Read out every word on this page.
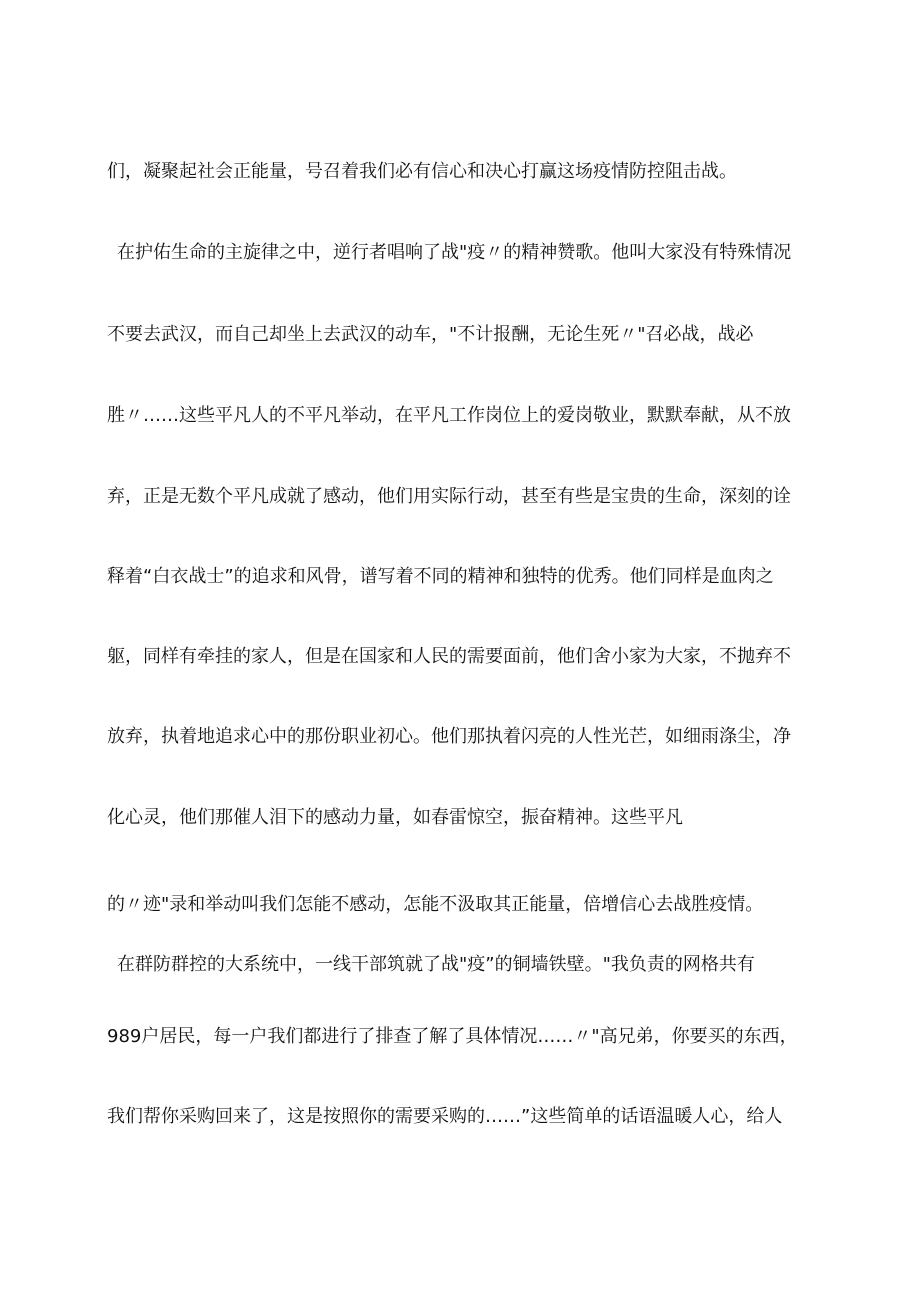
们，凝聚起社会正能量，号召着我们必有信心和决心打赢这场疫情防控阻击战。
在护佑生命的主旋律之中，逆行者唱响了战"疫〃的精神赞歌。他叫大家没有特殊情况
不要去武汉，而自己却坐上去武汉的动车，"不计报酬，无论生死〃"召必战，战必
胜〃……这些平凡人的不平凡举动，在平凡工作岗位上的爱岗敬业，默默奉献，从不放
弃，正是无数个平凡成就了感动，他们用实际行动，甚至有些是宝贵的生命，深刻的诠
释着“白衣战士”的追求和风骨，谱写着不同的精神和独特的优秀。他们同样是血肉之
躯，同样有牵挂的家人，但是在国家和人民的需要面前，他们舍小家为大家，不抛弃不
放弃，执着地追求心中的那份职业初心。他们那执着闪亮的人性光芒，如细雨涤尘，净
化心灵，他们那催人泪下的感动力量，如春雷惊空，振奋精神。这些平凡
的〃迹"录和举动叫我们怎能不感动，怎能不汲取其正能量，倍增信心去战胜疫情。
在群防群控的大系统中，一线干部筑就了战"疫”的铜墙铁壁。"我负责的网格共有
989户居民，每一户我们都进行了排查了解了具体情况……〃"高兄弟，你要买的东西，
我们帮你采购回来了，这是按照你的需要采购的……”这些简单的话语温暖人心，给人
